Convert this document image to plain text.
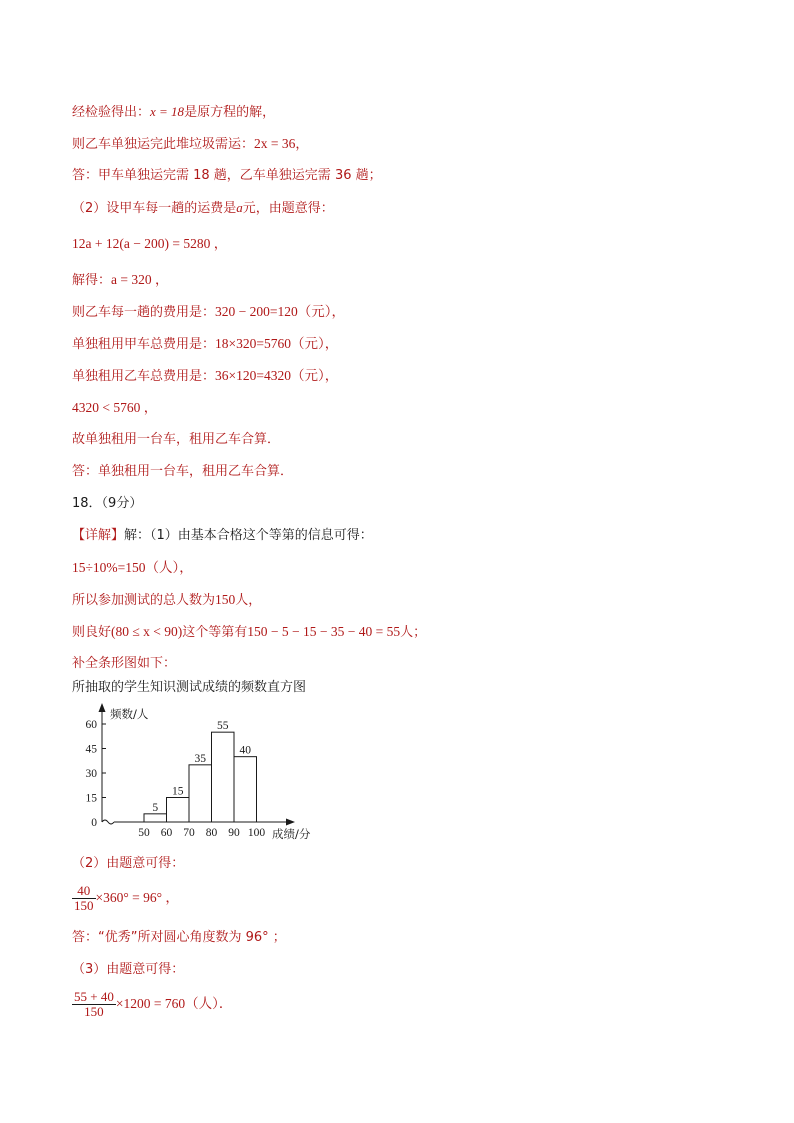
经检验得出：x = 18是原方程的解，
则乙车单独运完此堆垃圾需运：2x = 36，
答：甲车单独运完需 18 趟，乙车单独运完需 36 趟；
（2）设甲车每一趟的运费是a元，由题意得：
12a + 12(a − 200) = 5280 ，
解得：a = 320 ，
则乙车每一趟的费用是：320 − 200=120（元），
单独租用甲车总费用是：18×320=5760（元），
单独租用乙车总费用是：36×120=4320（元），
4320 < 5760 ，
故单独租用一台车，租用乙车合算．
答：单独租用一台车，租用乙车合算．
18．（9分）
【详解】解：（1）由基本合格这个等第的信息可得：
15÷10%=150（人），
所以参加测试的总人数为150人，
则良好(80 ≤ x < 90)这个等第有150 − 5 − 15 − 35 − 40 = 55人；
补全条形图如下：
所抽取的学生知识测试成绩的频数直方图
0
15
30
45
60
50 60 70 80 90 100
5
15
35
55
40
频数/人
成绩/分
（2）由题意可得：
$\frac{40}{150} \times 360^\circ = 96^\circ$ ，
答：“优秀”所对圆心角度数为 96° ；
（3）由题意可得：
$\frac{55 + 40}{150} \times 1200 = 760$（人）．
